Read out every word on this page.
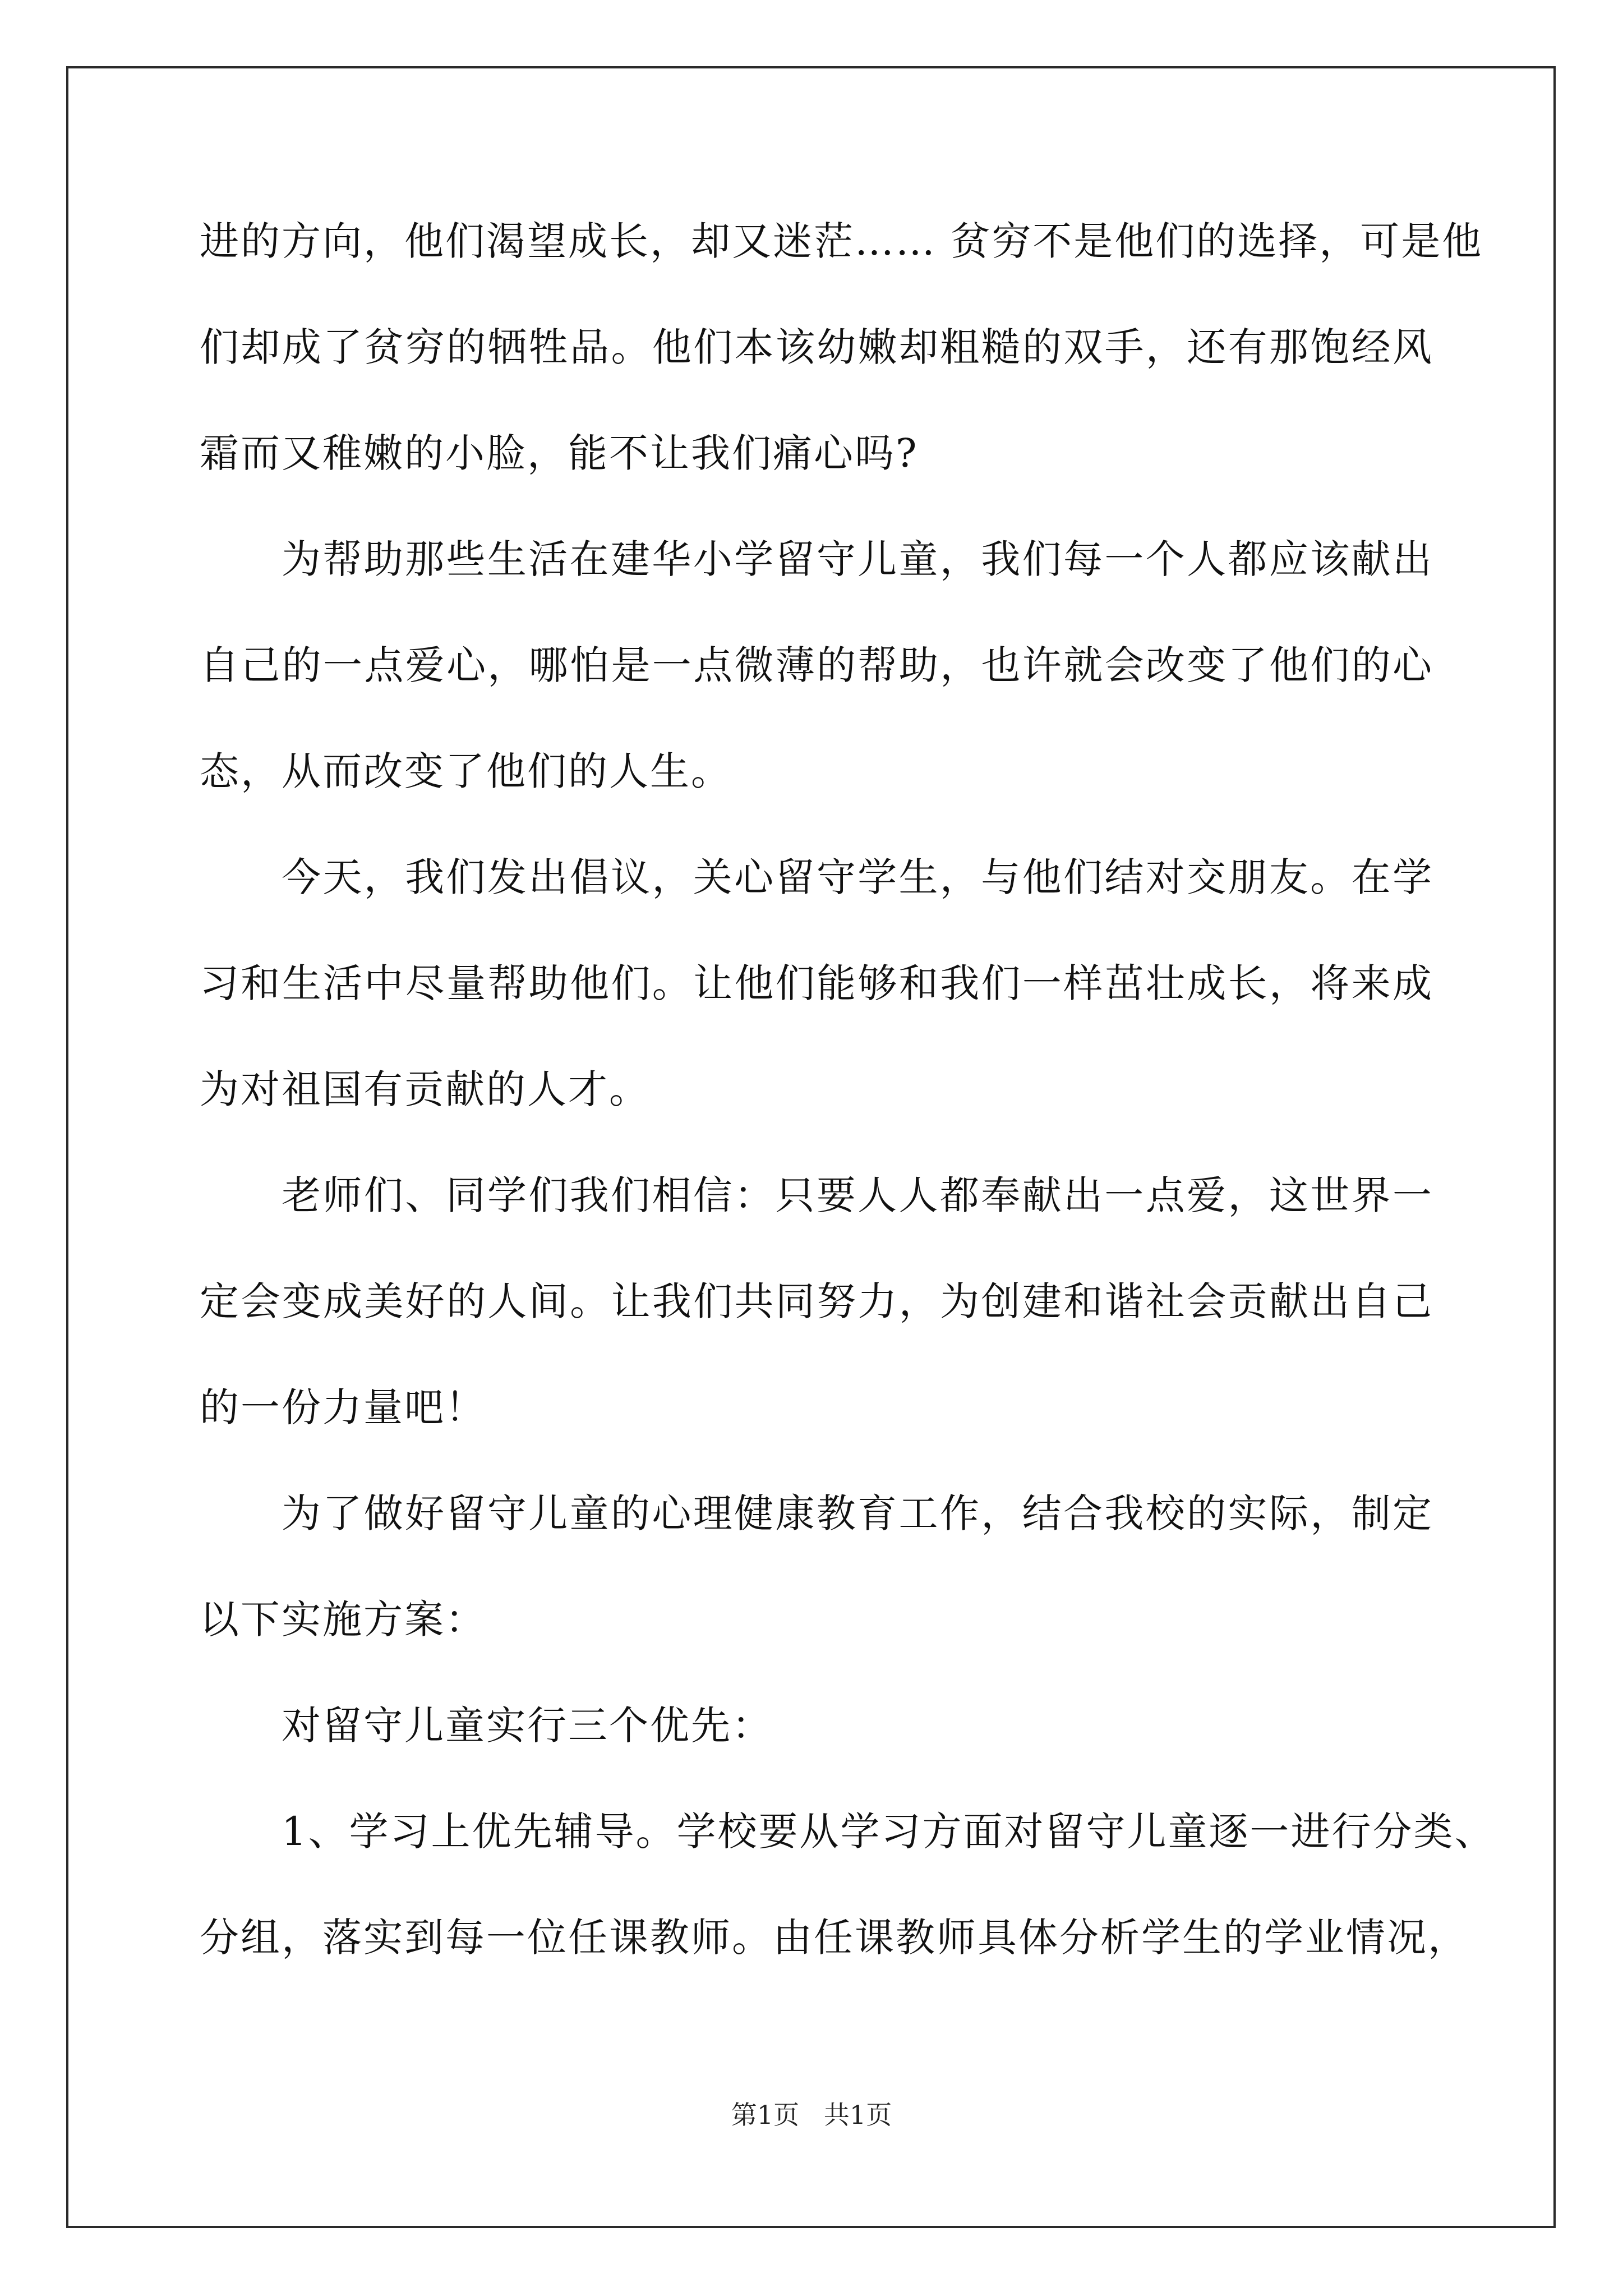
进的方向，他们渴望成长，却又迷茫…… 贫穷不是他们的选择，可是他
们却成了贫穷的牺牲品。他们本该幼嫩却粗糙的双手，还有那饱经风
霜而又稚嫩的小脸，能不让我们痛心吗?
为帮助那些生活在建华小学留守儿童，我们每一个人都应该献出
自己的一点爱心，哪怕是一点微薄的帮助，也许就会改变了他们的心
态，从而改变了他们的人生。
今天，我们发出倡议，关心留守学生，与他们结对交朋友。在学
习和生活中尽量帮助他们。让他们能够和我们一样茁壮成长，将来成
为对祖国有贡献的人才。
老师们、同学们我们相信：只要人人都奉献出一点爱，这世界一
定会变成美好的人间。让我们共同努力，为创建和谐社会贡献出自己
的一份力量吧！
为了做好留守儿童的心理健康教育工作，结合我校的实际，制定
以下实施方案：
对留守儿童实行三个优先：
1、学习上优先辅导。学校要从学习方面对留守儿童逐一进行分类、
分组，落实到每一位任课教师。由任课教师具体分析学生的学业情况，
第1页   共1页
